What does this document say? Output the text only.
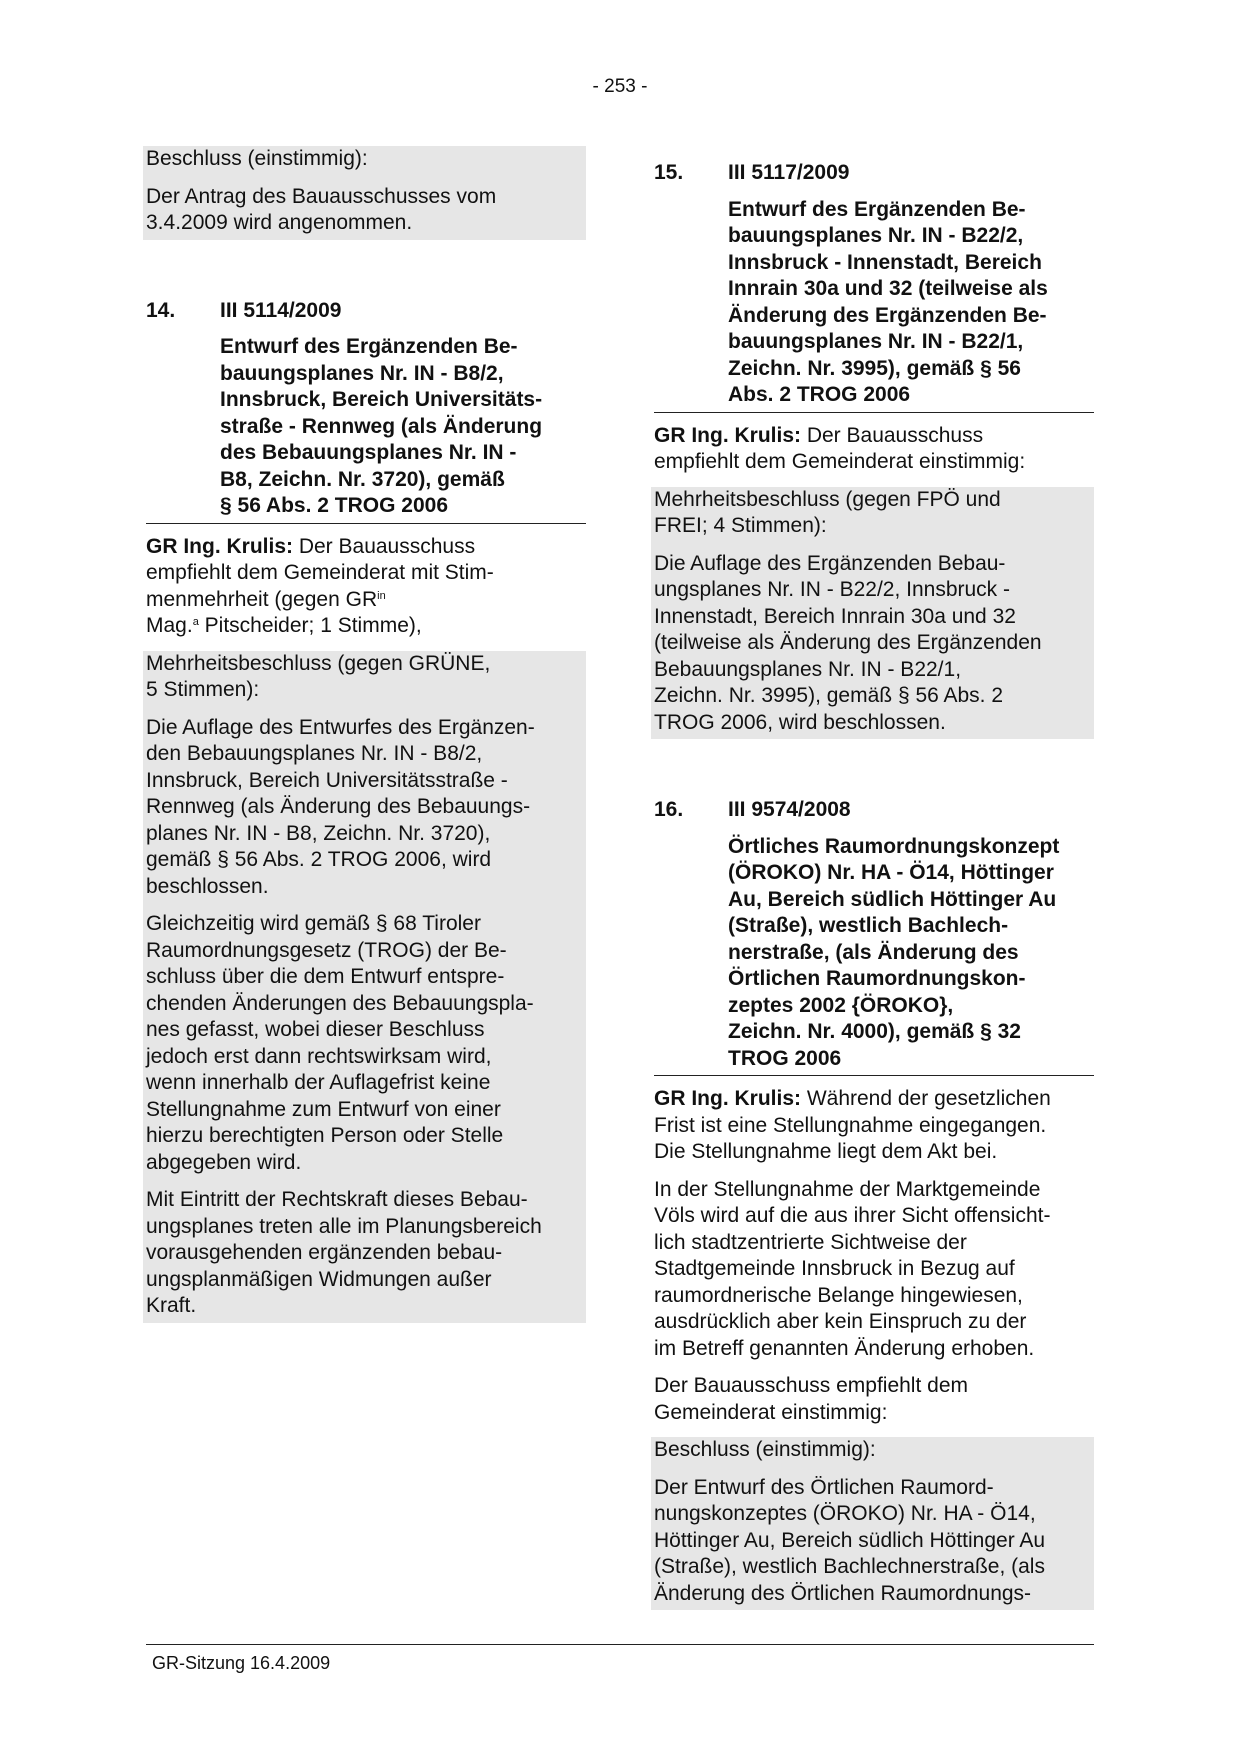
- 253 -

Beschluss (einstimmig):

Der Antrag des Bauausschusses vom
3.4.2009 wird angenommen.

14.	III 5114/2009
Entwurf des Ergänzenden Be-
bauungsplanes Nr. IN - B8/2,
Innsbruck, Bereich Universitäts-
straße - Rennweg (als Änderung
des Bebauungsplanes Nr. IN -
B8, Zeichn. Nr. 3720), gemäß
§ 56 Abs. 2 TROG 2006

GR Ing. Krulis: Der Bauausschuss
empfiehlt dem Gemeinderat mit Stim-
menmehrheit (gegen $GR^{in}$
Mag.$^a$ Pitscheider; 1 Stimme),

Mehrheitsbeschluss (gegen GRÜNE,
5 Stimmen):

Die Auflage des Entwurfes des Ergänzen-
den Bebauungsplanes Nr. IN - B8/2,
Innsbruck, Bereich Universitätsstraße -
Rennweg (als Änderung des Bebauungs-
planes Nr. IN - B8, Zeichn. Nr. 3720),
gemäß § 56 Abs. 2 TROG 2006, wird
beschlossen.

Gleichzeitig wird gemäß § 68 Tiroler
Raumordnungsgesetz (TROG) der Be-
schluss über die dem Entwurf entspre-
chenden Änderungen des Bebauungspla-
nes gefasst, wobei dieser Beschluss
jedoch erst dann rechtswirksam wird,
wenn innerhalb der Auflagefrist keine
Stellungnahme zum Entwurf von einer
hierzu berechtigten Person oder Stelle
abgegeben wird.

Mit Eintritt der Rechtskraft dieses Bebau-
ungsplanes treten alle im Planungsbereich
vorausgehenden ergänzenden bebau-
ungsplanmäßigen Widmungen außer
Kraft.

15.	III 5117/2009
Entwurf des Ergänzenden Be-
bauungsplanes Nr. IN - B22/2,
Innsbruck - Innenstadt, Bereich
Innrain 30a und 32 (teilweise als
Änderung des Ergänzenden Be-
bauungsplanes Nr. IN - B22/1,
Zeichn. Nr. 3995), gemäß § 56
Abs. 2 TROG 2006

GR Ing. Krulis: Der Bauausschuss
empfiehlt dem Gemeinderat einstimmig:

Mehrheitsbeschluss (gegen FPÖ und
FREI; 4 Stimmen):

Die Auflage des Ergänzenden Bebau-
ungsplanes Nr. IN - B22/2, Innsbruck -
Innenstadt, Bereich Innrain 30a und 32
(teilweise als Änderung des Ergänzenden
Bebauungsplanes Nr. IN - B22/1,
Zeichn. Nr. 3995), gemäß § 56 Abs. 2
TROG 2006, wird beschlossen.

16.	III 9574/2008
Örtliches Raumordnungskonzept
(ÖROKO) Nr. HA - Ö14, Höttinger
Au, Bereich südlich Höttinger Au
(Straße), westlich Bachlech-
nerstraße, (als Änderung des
Örtlichen Raumordnungskon-
zeptes 2002 {ÖROKO},
Zeichn. Nr. 4000), gemäß § 32
TROG 2006

GR Ing. Krulis: Während der gesetzlichen
Frist ist eine Stellungnahme eingegangen.
Die Stellungnahme liegt dem Akt bei.

In der Stellungnahme der Marktgemeinde
Völs wird auf die aus ihrer Sicht offensicht-
lich stadtzentrierte Sichtweise der
Stadtgemeinde Innsbruck in Bezug auf
raumordnerische Belange hingewiesen,
ausdrücklich aber kein Einspruch zu der
im Betreff genannten Änderung erhoben.

Der Bauausschuss empfiehlt dem
Gemeinderat einstimmig:

Beschluss (einstimmig):

Der Entwurf des Örtlichen Raumord-
nungskonzeptes (ÖROKO) Nr. HA - Ö14,
Höttinger Au, Bereich südlich Höttinger Au
(Straße), westlich Bachlechnerstraße, (als
Änderung des Örtlichen Raumordnungs-

GR-Sitzung 16.4.2009
